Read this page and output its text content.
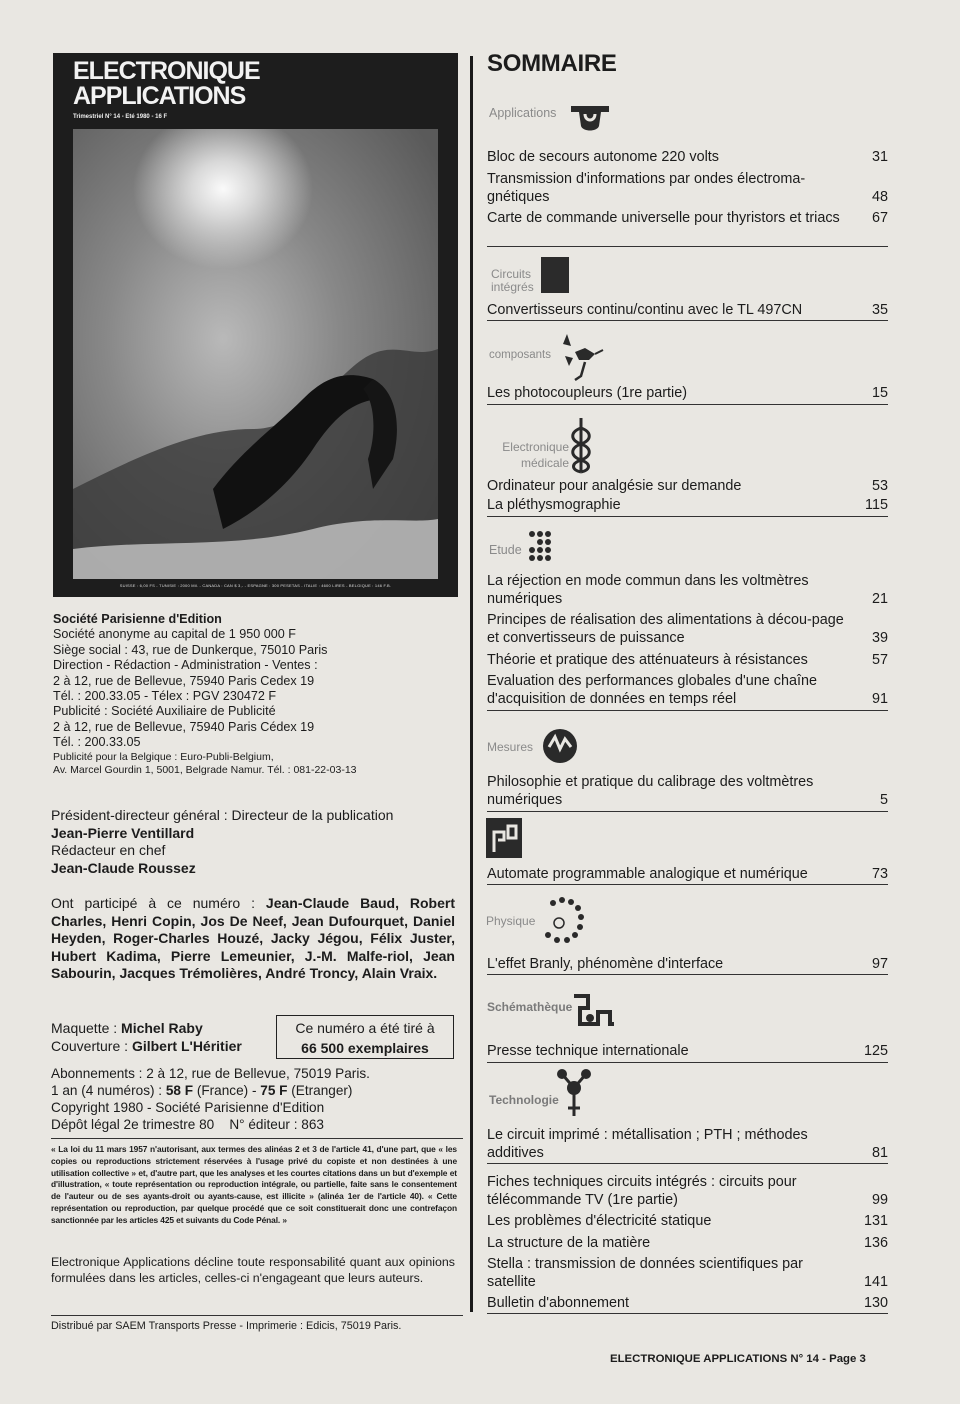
ELECTRONIQUE
APPLICATIONS
Trimestriel N° 14 - Eté 1980 - 16 F
SUISSE : 6,00 FS - TUNISIE : 2000 Mil. - CANADA : CAN $ 3,- - ESPAGNE : 300 PESETAS - ITALIE : 4600 LIRES - BELGIQUE : 146 F.B.
Société Parisienne d'Edition
Société anonyme au capital de 1 950 000 F
Siège social : 43, rue de Dunkerque, 75010 Paris
Direction - Rédaction - Administration - Ventes :
2 à 12, rue de Bellevue, 75940 Paris Cedex 19
Tél. : 200.33.05 - Télex : PGV 230472 F
Publicité : Société Auxiliaire de Publicité
2 à 12, rue de Bellevue, 75940 Paris Cédex 19
Tél. : 200.33.05
Publicité pour la Belgique : Euro-Publi-Belgium,
Av. Marcel Gourdin 1, 5001, Belgrade Namur. Tél. : 081-22-03-13
Président-directeur général : Directeur de la publication
Jean-Pierre Ventillard
Rédacteur en chef
Jean-Claude Roussez
Ont participé à ce numéro : Jean-Claude Baud, Robert Charles, Henri Copin, Jos De Neef, Jean Dufourquet, Daniel Heyden, Roger-Charles Houzé, Jacky Jégou, Félix Juster, Hubert Kadima, Pierre Lemeunier, J.-M. Malfe-riol, Jean Sabourin, Jacques Trémolières, André Troncy, Alain Vraix.
Maquette : Michel Raby
Couverture : Gilbert L'Héritier
Ce numéro a été tiré à
66 500 exemplaires
Abonnements : 2 à 12, rue de Bellevue, 75019 Paris.
1 an (4 numéros) : 58 F (France) - 75 F (Etranger)
Copyright 1980 - Société Parisienne d'Edition
Dépôt légal 2e trimestre 80 N° éditeur : 863
« La loi du 11 mars 1957 n'autorisant, aux termes des alinéas 2 et 3 de l'article 41, d'une part, que « les copies ou reproductions strictement réservées à l'usage privé du copiste et non destinées à une utilisation collective » et, d'autre part, que les analyses et les courtes citations dans un but d'exemple et d'illustration, « toute représentation ou reproduction intégrale, ou partielle, faite sans le consentement de l'auteur ou de ses ayants-droit ou ayants-cause, est illicite » (alinéa 1er de l'article 40). « Cette représentation ou reproduction, par quelque procédé que ce soit constituerait donc une contrefaçon sanctionnée par les articles 425 et suivants du Code Pénal. »
Electronique Applications décline toute responsabilité quant aux opinions formulées dans les articles, celles-ci n'engageant que leurs auteurs.
Distribué par SAEM Transports Presse - Imprimerie : Edicis, 75019 Paris.
SOMMAIRE
Applications
Bloc de secours autonome 220 volts	31
Transmission d'informations par ondes électroma-gnétiques	48
Carte de commande universelle pour thyristors et triacs	67
Circuits
intégrés
Convertisseurs continu/continu avec le TL 497CN	35
composants
Les photocoupleurs (1re partie)	15
Electronique
médicale
Ordinateur pour analgésie sur demande	53
La pléthysmographie	115
Etude
La réjection en mode commun dans les voltmètres numériques	21
Principes de réalisation des alimentations à décou-page et convertisseurs de puissance	39
Théorie et pratique des atténuateurs à résistances	57
Evaluation des performances globales d'une chaîne d'acquisition de données en temps réel	91
Mesures
Philosophie et pratique du calibrage des voltmètres numériques	5
Automate programmable analogique et numérique	73
Physique
L'effet Branly, phénomène d'interface	97
Schémathèque
Presse technique internationale	125
Technologie
Le circuit imprimé : métallisation ; PTH ; méthodes additives	81
Fiches techniques circuits intégrés : circuits pour télécommande TV (1re partie)	99
Les problèmes d'électricité statique	131
La structure de la matière	136
Stella : transmission de données scientifiques par satellite	141
Bulletin d'abonnement	130
ELECTRONIQUE APPLICATIONS N° 14 - Page 3
